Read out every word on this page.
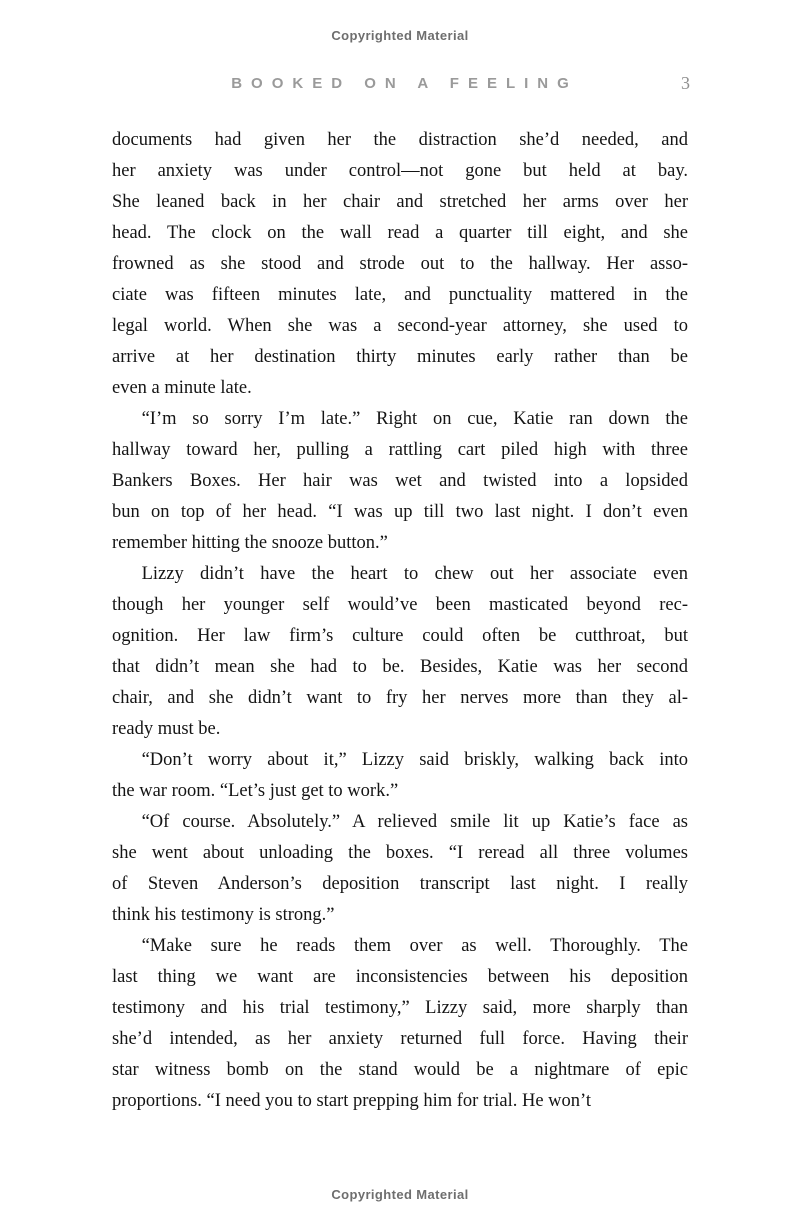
Copyrighted Material
BOOKED ON A FEELING	3
documents had given her the distraction she’d needed, and
her anxiety was under control—not gone but held at bay.
She leaned back in her chair and stretched her arms over her
head. The clock on the wall read a quarter till eight, and she
frowned as she stood and strode out to the hallway. Her asso-
ciate was fifteen minutes late, and punctuality mattered in the
legal world. When she was a second-year attorney, she used to
arrive at her destination thirty minutes early rather than be
even a minute late.
“I’m so sorry I’m late.” Right on cue, Katie ran down the
hallway toward her, pulling a rattling cart piled high with three
Bankers Boxes. Her hair was wet and twisted into a lopsided
bun on top of her head. “I was up till two last night. I don’t even
remember hitting the snooze button.”
Lizzy didn’t have the heart to chew out her associate even
though her younger self would’ve been masticated beyond rec-
ognition. Her law firm’s culture could often be cutthroat, but
that didn’t mean she had to be. Besides, Katie was her second
chair, and she didn’t want to fry her nerves more than they al-
ready must be.
“Don’t worry about it,” Lizzy said briskly, walking back into
the war room. “Let’s just get to work.”
“Of course. Absolutely.” A relieved smile lit up Katie’s face as
she went about unloading the boxes. “I reread all three volumes
of Steven Anderson’s deposition transcript last night. I really
think his testimony is strong.”
“Make sure he reads them over as well. Thoroughly. The
last thing we want are inconsistencies between his deposition
testimony and his trial testimony,” Lizzy said, more sharply than
she’d intended, as her anxiety returned full force. Having their
star witness bomb on the stand would be a nightmare of epic
proportions. “I need you to start prepping him for trial. He won’t
Copyrighted Material
